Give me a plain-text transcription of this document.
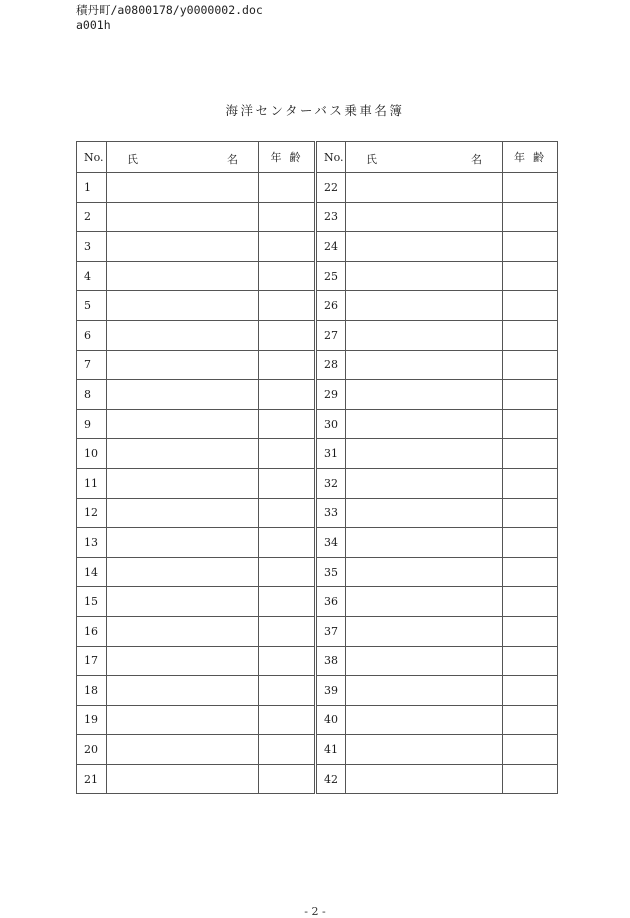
積丹町/a0800178/y0000002.doc
a001h
海洋センターバス乗車名簿
No.	氏 名	年齢	No.	氏 名	年齢
1			22		
2			23		
3			24		
4			25		
5			26		
6			27		
7			28		
8			29		
9			30		
10			31		
11			32		
12			33		
13			34		
14			35		
15			36		
16			37		
17			38		
18			39		
19			40		
20			41		
21			42		
- 2 -
